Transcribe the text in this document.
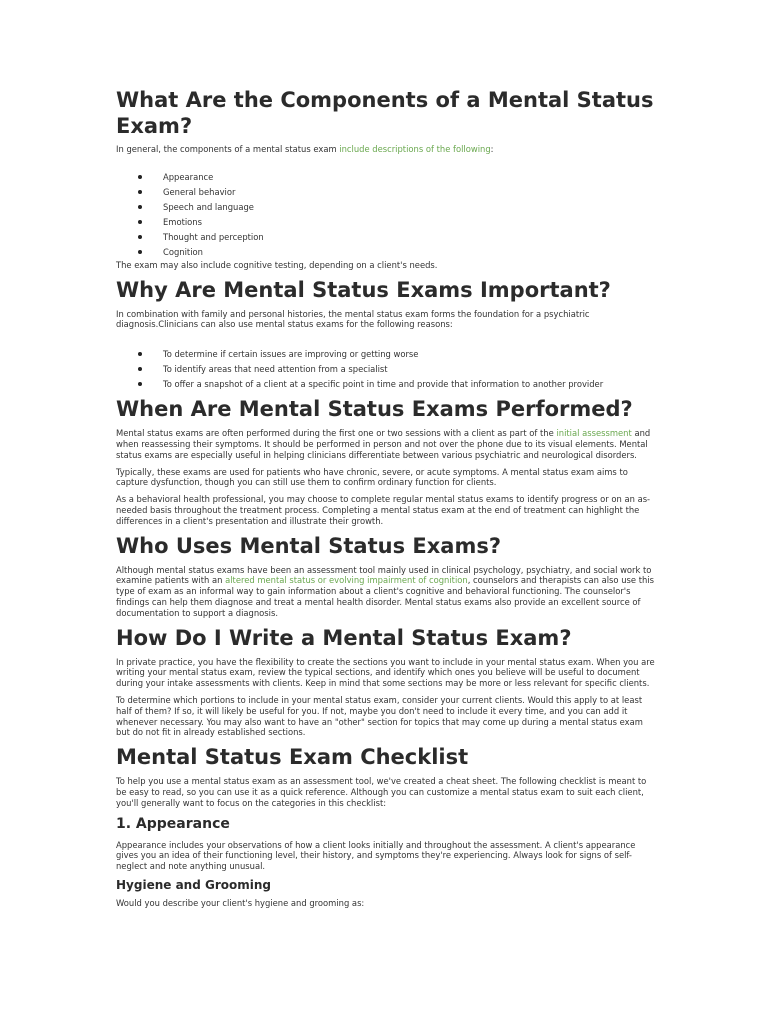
What Are the Components of a Mental Status Exam?

In general, the components of a mental status exam include descriptions of the following:

Appearance
General behavior
Speech and language
Emotions
Thought and perception
Cognition

The exam may also include cognitive testing, depending on a client's needs.

Why Are Mental Status Exams Important?

In combination with family and personal histories, the mental status exam forms the foundation for a psychiatric diagnosis.Clinicians can also use mental status exams for the following reasons:

To determine if certain issues are improving or getting worse
To identify areas that need attention from a specialist
To offer a snapshot of a client at a specific point in time and provide that information to another provider
When Are Mental Status Exams Performed?

Mental status exams are often performed during the first one or two sessions with a client as part of the initial assessment and when reassessing their symptoms. It should be performed in person and not over the phone due to its visual elements. Mental status exams are especially useful in helping clinicians differentiate between various psychiatric and neurological disorders.

Typically, these exams are used for patients who have chronic, severe, or acute symptoms. A mental status exam aims to capture dysfunction, though you can still use them to confirm ordinary function for clients.

As a behavioral health professional, you may choose to complete regular mental status exams to identify progress or on an as-needed basis throughout the treatment process. Completing a mental status exam at the end of treatment can highlight the differences in a client's presentation and illustrate their growth.

Who Uses Mental Status Exams?

Although mental status exams have been an assessment tool mainly used in clinical psychology, psychiatry, and social work to examine patients with an altered mental status or evolving impairment of cognition, counselors and therapists can also use this type of exam as an informal way to gain information about a client's cognitive and behavioral functioning. The counselor's findings can help them diagnose and treat a mental health disorder. Mental status exams also provide an excellent source of documentation to support a diagnosis.

How Do I Write a Mental Status Exam?

In private practice, you have the flexibility to create the sections you want to include in your mental status exam. When you are writing your mental status exam, review the typical sections, and identify which ones you believe will be useful to document during your intake assessments with clients. Keep in mind that some sections may be more or less relevant for specific clients.

To determine which portions to include in your mental status exam, consider your current clients. Would this apply to at least half of them? If so, it will likely be useful for you. If not, maybe you don't need to include it every time, and you can add it whenever necessary. You may also want to have an "other" section for topics that may come up during a mental status exam but do not fit in already established sections.

Mental Status Exam Checklist

To help you use a mental status exam as an assessment tool, we've created a cheat sheet. The following checklist is meant to be easy to read, so you can use it as a quick reference. Although you can customize a mental status exam to suit each client, you'll generally want to focus on the categories in this checklist:

1. Appearance

Appearance includes your observations of how a client looks initially and throughout the assessment. A client's appearance gives you an idea of their functioning level, their history, and symptoms they're experiencing. Always look for signs of self-neglect and note anything unusual.

Hygiene and Grooming

Would you describe your client's hygiene and grooming as:
